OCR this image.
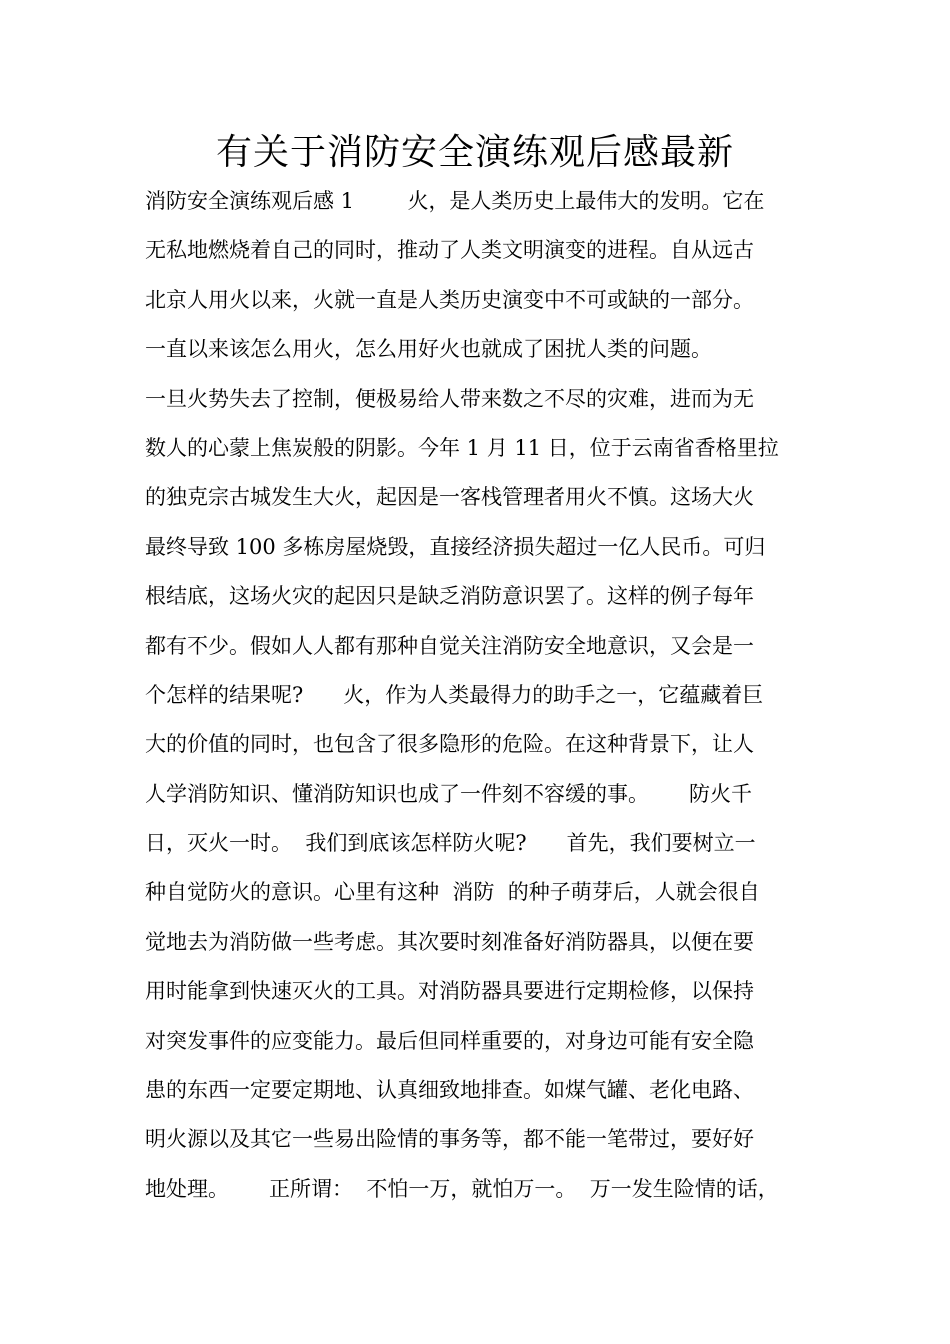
有关于消防安全演练观后感最新
消防安全演练观后感 1        火，是人类历史上最伟大的发明。它在
无私地燃烧着自己的同时，推动了人类文明演变的进程。自从远古
北京人用火以来，火就一直是人类历史演变中不可或缺的一部分。
一直以来该怎么用火，怎么用好火也就成了困扰人类的问题。
一旦火势失去了控制，便极易给人带来数之不尽的灾难，进而为无
数人的心蒙上焦炭般的阴影。今年 1 月 11 日，位于云南省香格里拉
的独克宗古城发生大火，起因是一客栈管理者用火不慎。这场大火
最终导致 100 多栋房屋烧毁，直接经济损失超过一亿人民币。可归
根结底，这场火灾的起因只是缺乏消防意识罢了。这样的例子每年
都有不少。假如人人都有那种自觉关注消防安全地意识，又会是一
个怎样的结果呢?      火，作为人类最得力的助手之一，它蕴藏着巨
大的价值的同时，也包含了很多隐形的危险。在这种背景下，让人
人学消防知识、懂消防知识也成了一件刻不容缓的事。      防火千
日，灭火一时。  我们到底该怎样防火呢?      首先，我们要树立一
种自觉防火的意识。心里有这种  消防  的种子萌芽后，人就会很自
觉地去为消防做一些考虑。其次要时刻准备好消防器具，以便在要
用时能拿到快速灭火的工具。对消防器具要进行定期检修，以保持
对突发事件的应变能力。最后但同样重要的，对身边可能有安全隐
患的东西一定要定期地、认真细致地排查。如煤气罐、老化电路、
明火源以及其它一些易出险情的事务等，都不能一笔带过，要好好
地处理。      正所谓：  不怕一万，就怕万一。  万一发生险情的话，
